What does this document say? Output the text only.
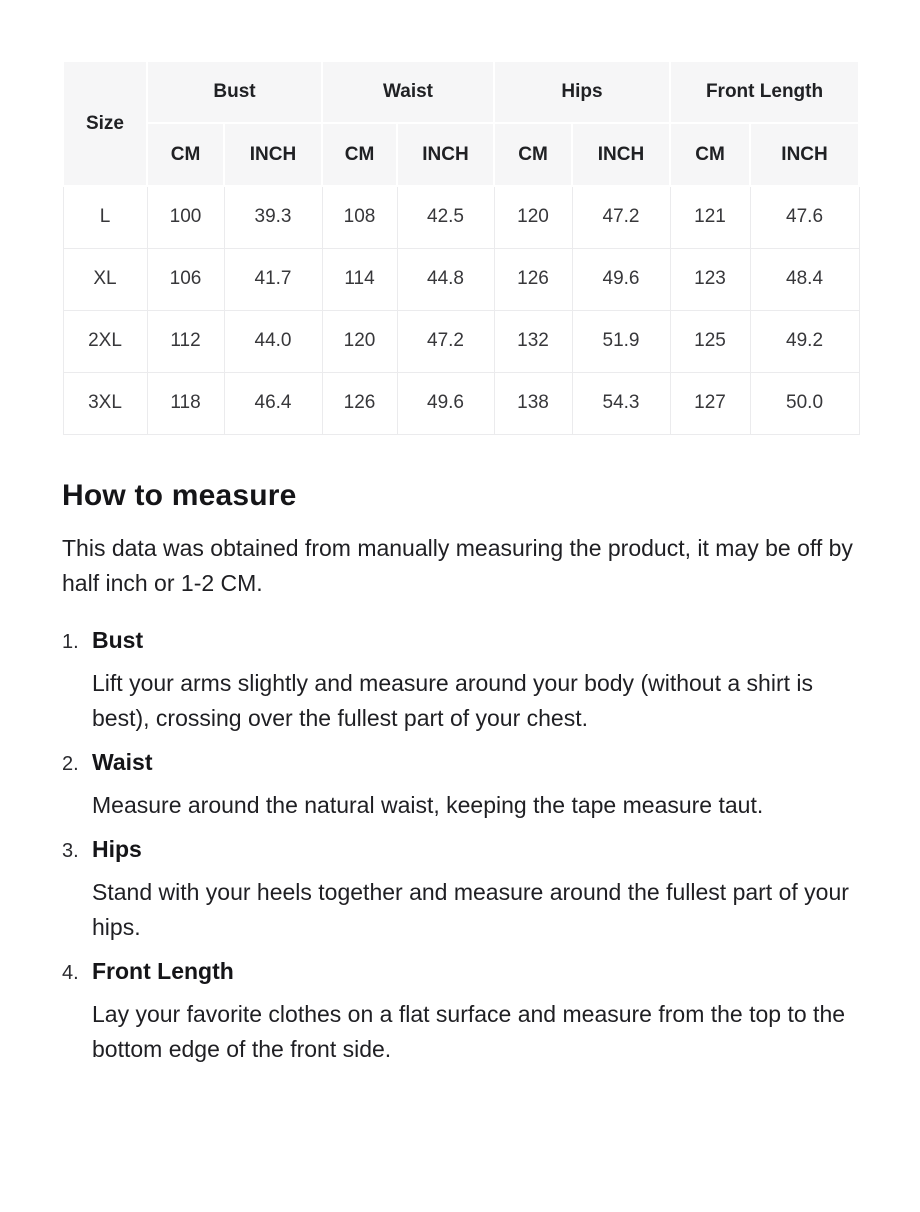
Size	Bust		Waist		Hips		Front Length	
	CM	INCH	CM	INCH	CM	INCH	CM	INCH
L	100	39.3	108	42.5	120	47.2	121	47.6
XL	106	41.7	114	44.8	126	49.6	123	48.4
2XL	112	44.0	120	47.2	132	51.9	125	49.2
3XL	118	46.4	126	49.6	138	54.3	127	50.0
How to measure

This data was obtained from manually measuring the product, it may be off by half inch or 1-2 CM.

1. Bust

Lift your arms slightly and measure around your body (without a shirt is best), crossing over the fullest part of your chest.

2. Waist

Measure around the natural waist, keeping the tape measure taut.

3. Hips

Stand with your heels together and measure around the fullest part of your hips.

4. Front Length

Lay your favorite clothes on a flat surface and measure from the top to the bottom edge of the front side.
